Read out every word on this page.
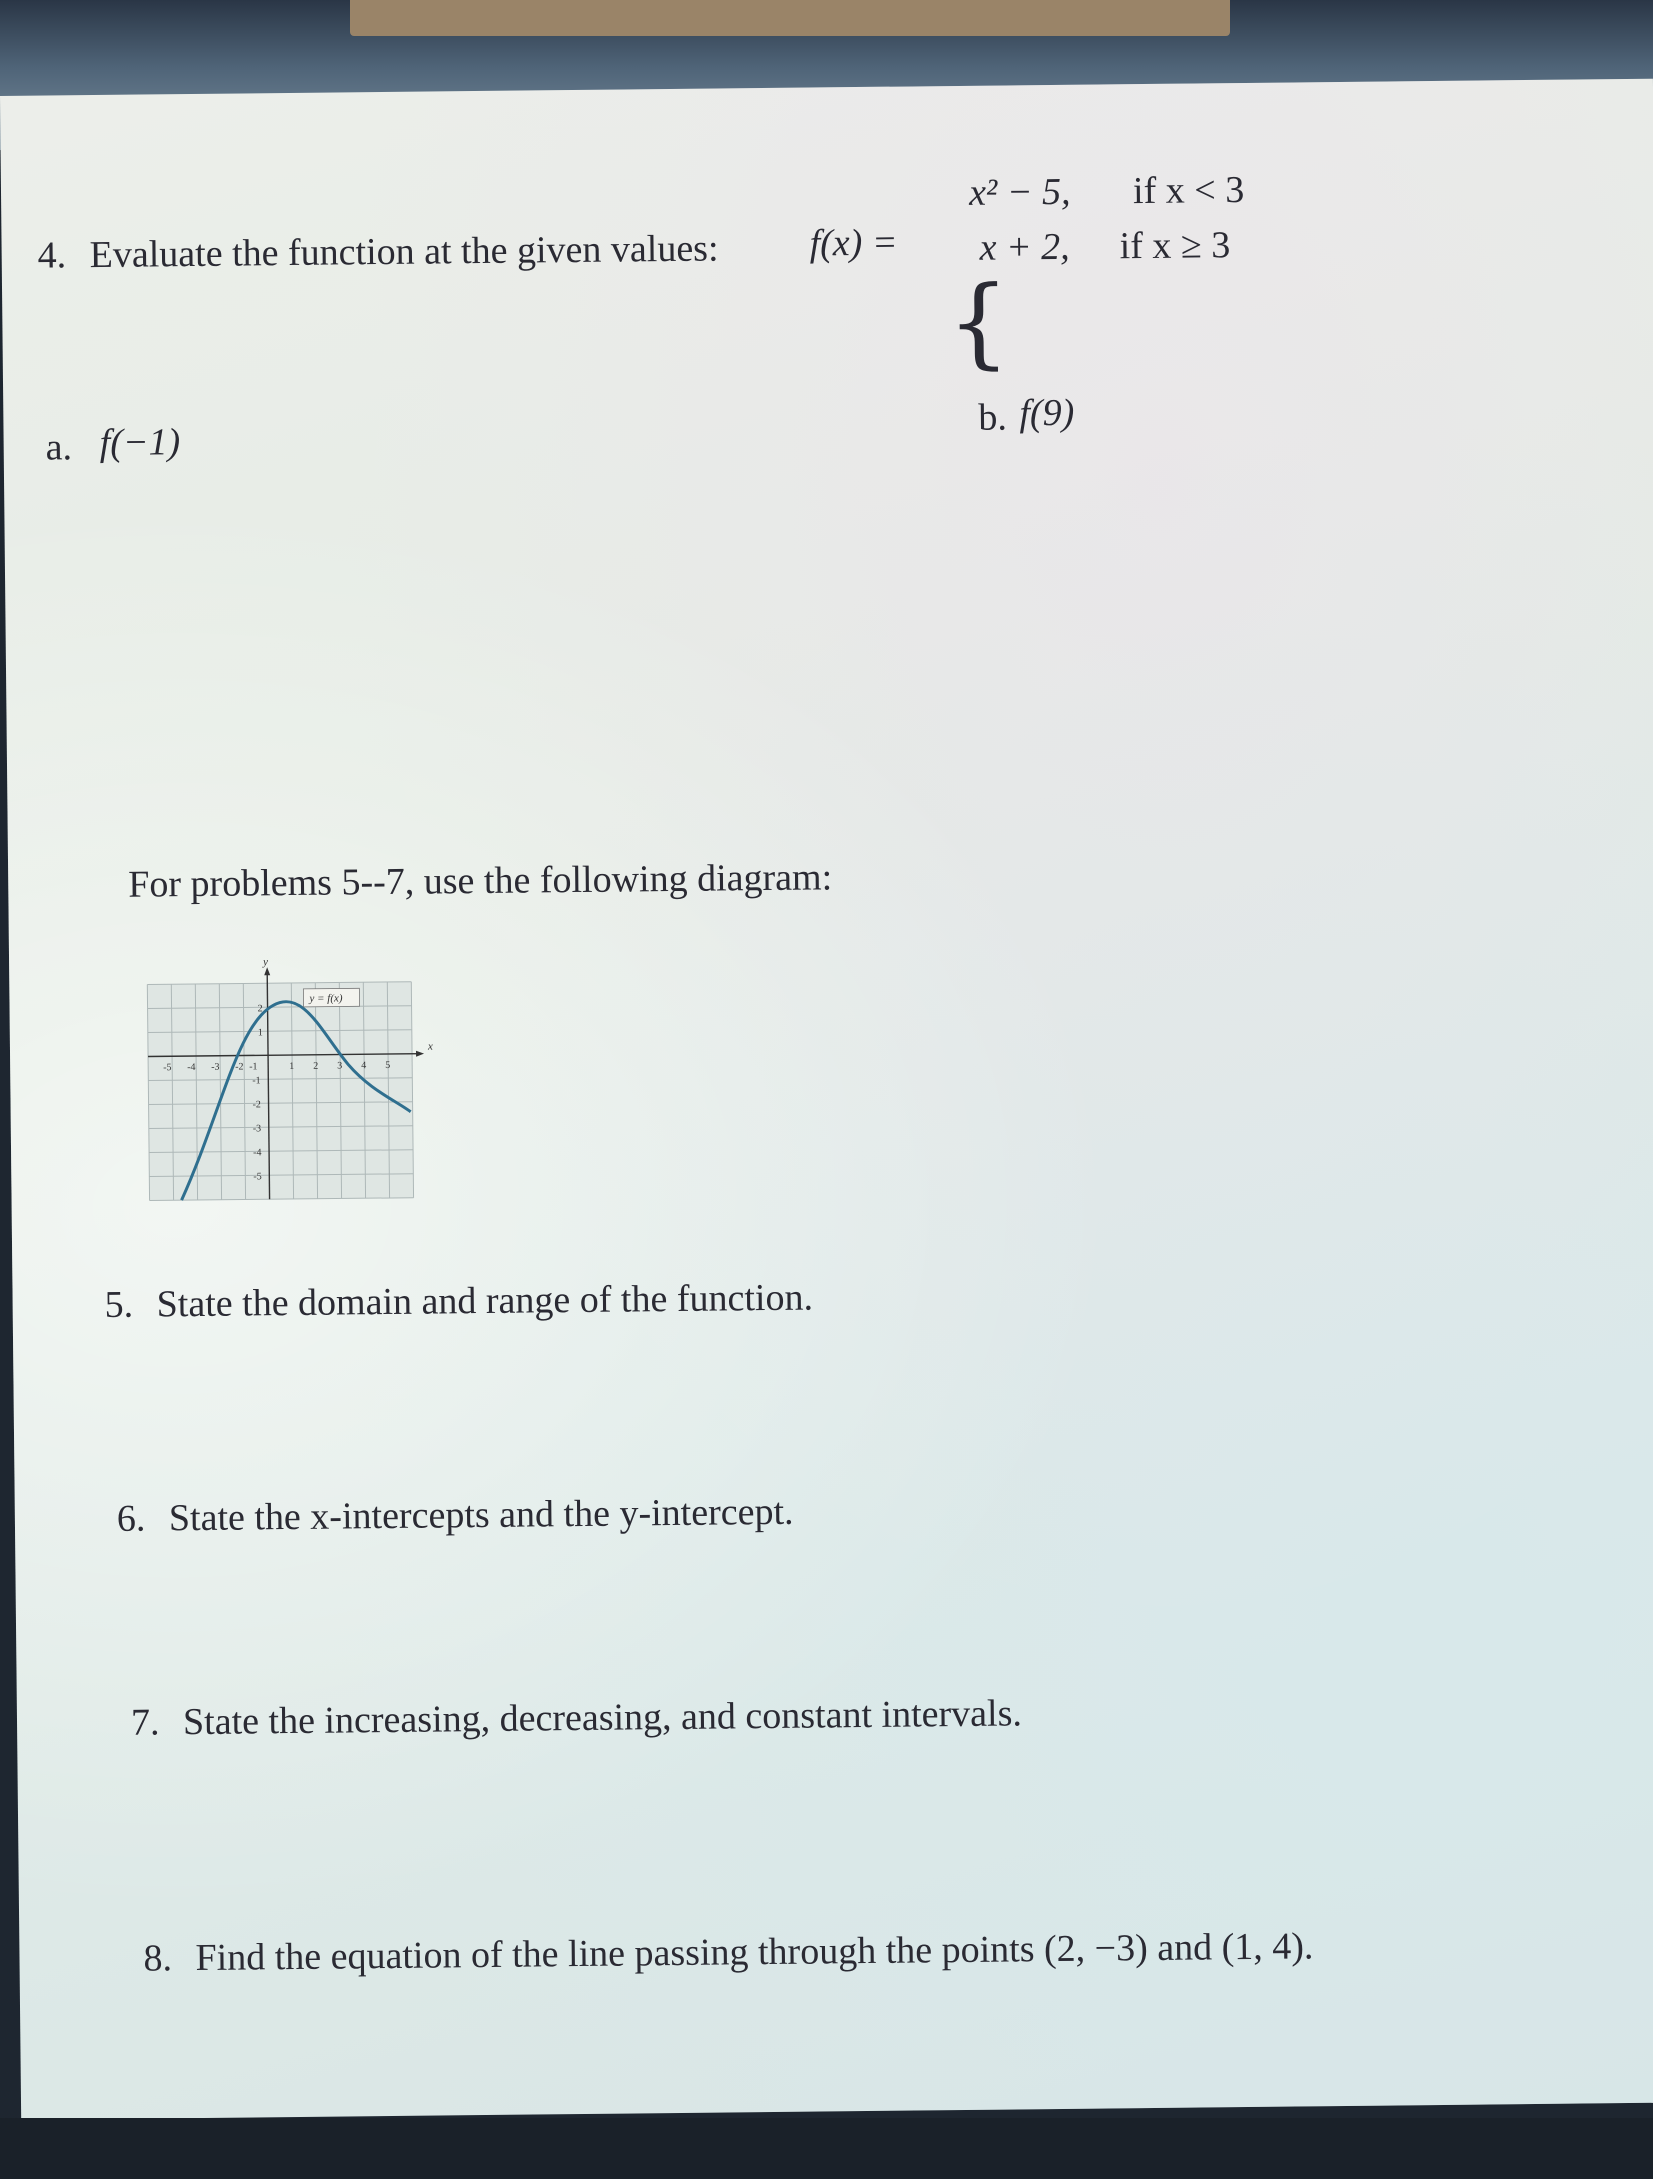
4. Evaluate the function at the given values: f(x) =
{
x² − 5, if x < 3
x + 2, if x ≥ 3
a. f(−1)
b. f(9)
For problems 5--7, use the following diagram:
x
y
-5 -4 -3 -2 -1	1 2 3 4 5
2
1
-1
-2
-3
-4
-5
y = f(x)
5. State the domain and range of the function.
6. State the x-intercepts and the y-intercept.
7. State the increasing, decreasing, and constant intervals.
8. Find the equation of the line passing through the points (2, −3) and (1, 4).
